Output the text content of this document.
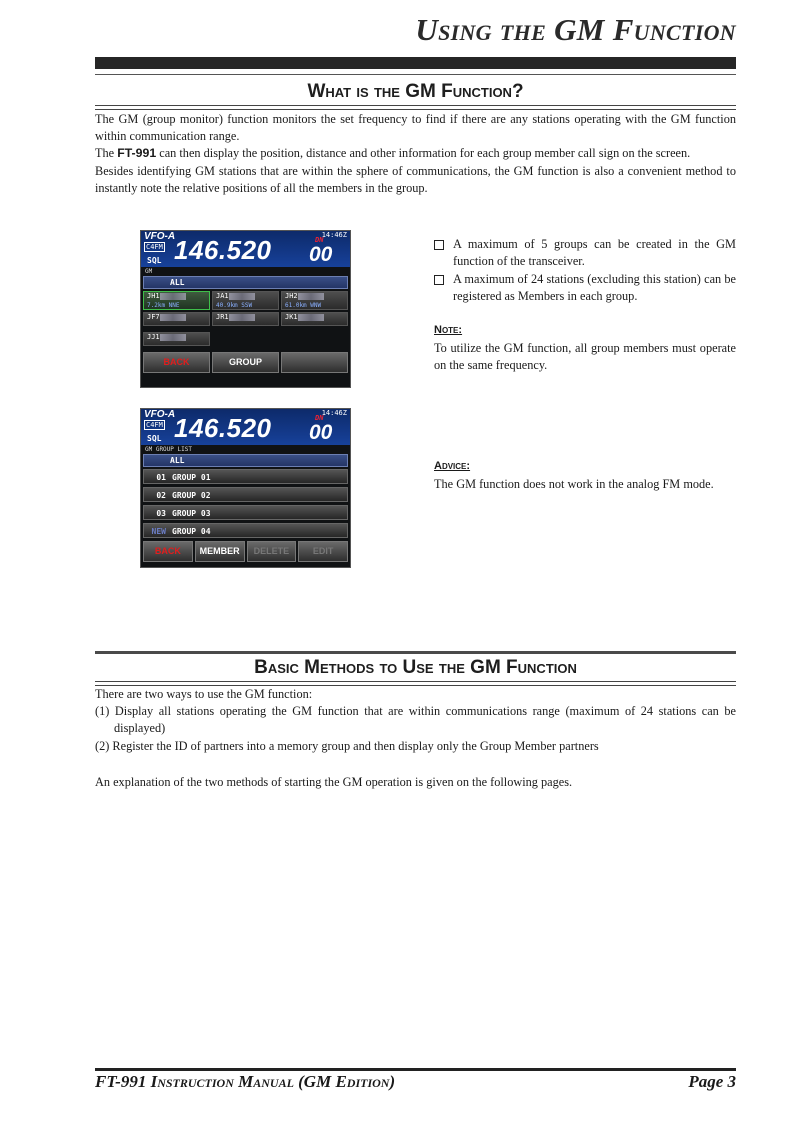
Using the GM Function
What is the GM Function?

The GM (group monitor) function monitors the set frequency to find if there are any stations operating with the GM function within communication range.

The FT-991 can then display the position, distance and other information for each group member call sign on the screen.

Besides identifying GM stations that are within the sphere of communications, the GM function is also a convenient method to instantly note the relative positions of all the members in the group.

VFO-A	14:46Z
C4FM
SQL 146.520	DN
00
GM
ALL
JH1
7.2km NNE
JA1
40.9km SSW
JH2
61.0km WNW
JF7	JR1	JK1
JJ1
BACK	GROUP
VFO-A	14:46Z
C4FM
SQL 146.520	DN
00
GM GROUP LIST
ALL
01 GROUP 01
02 GROUP 02
03 GROUP 03
NEW GROUP 04
BACK	MEMBER	DELETE	EDIT
A maximum of 5 groups can be created in the GM function of the transceiver.
A maximum of 24 stations (excluding this station) can be registered as Members in each group.
Note:
To utilize the GM function, all group members must operate on the same frequency.
Advice:
The GM function does not work in the analog FM mode.
Basic Methods to Use the GM Function

There are two ways to use the GM function:

(1) Display all stations operating the GM function that are within communications range (maximum of 24 stations can be displayed)

(2) Register the ID of partners into a memory group and then display only the Group Member partners

An explanation of the two methods of starting the GM operation is given on the following pages.
FT-991 Instruction Manual (GM Edition)	Page 3
